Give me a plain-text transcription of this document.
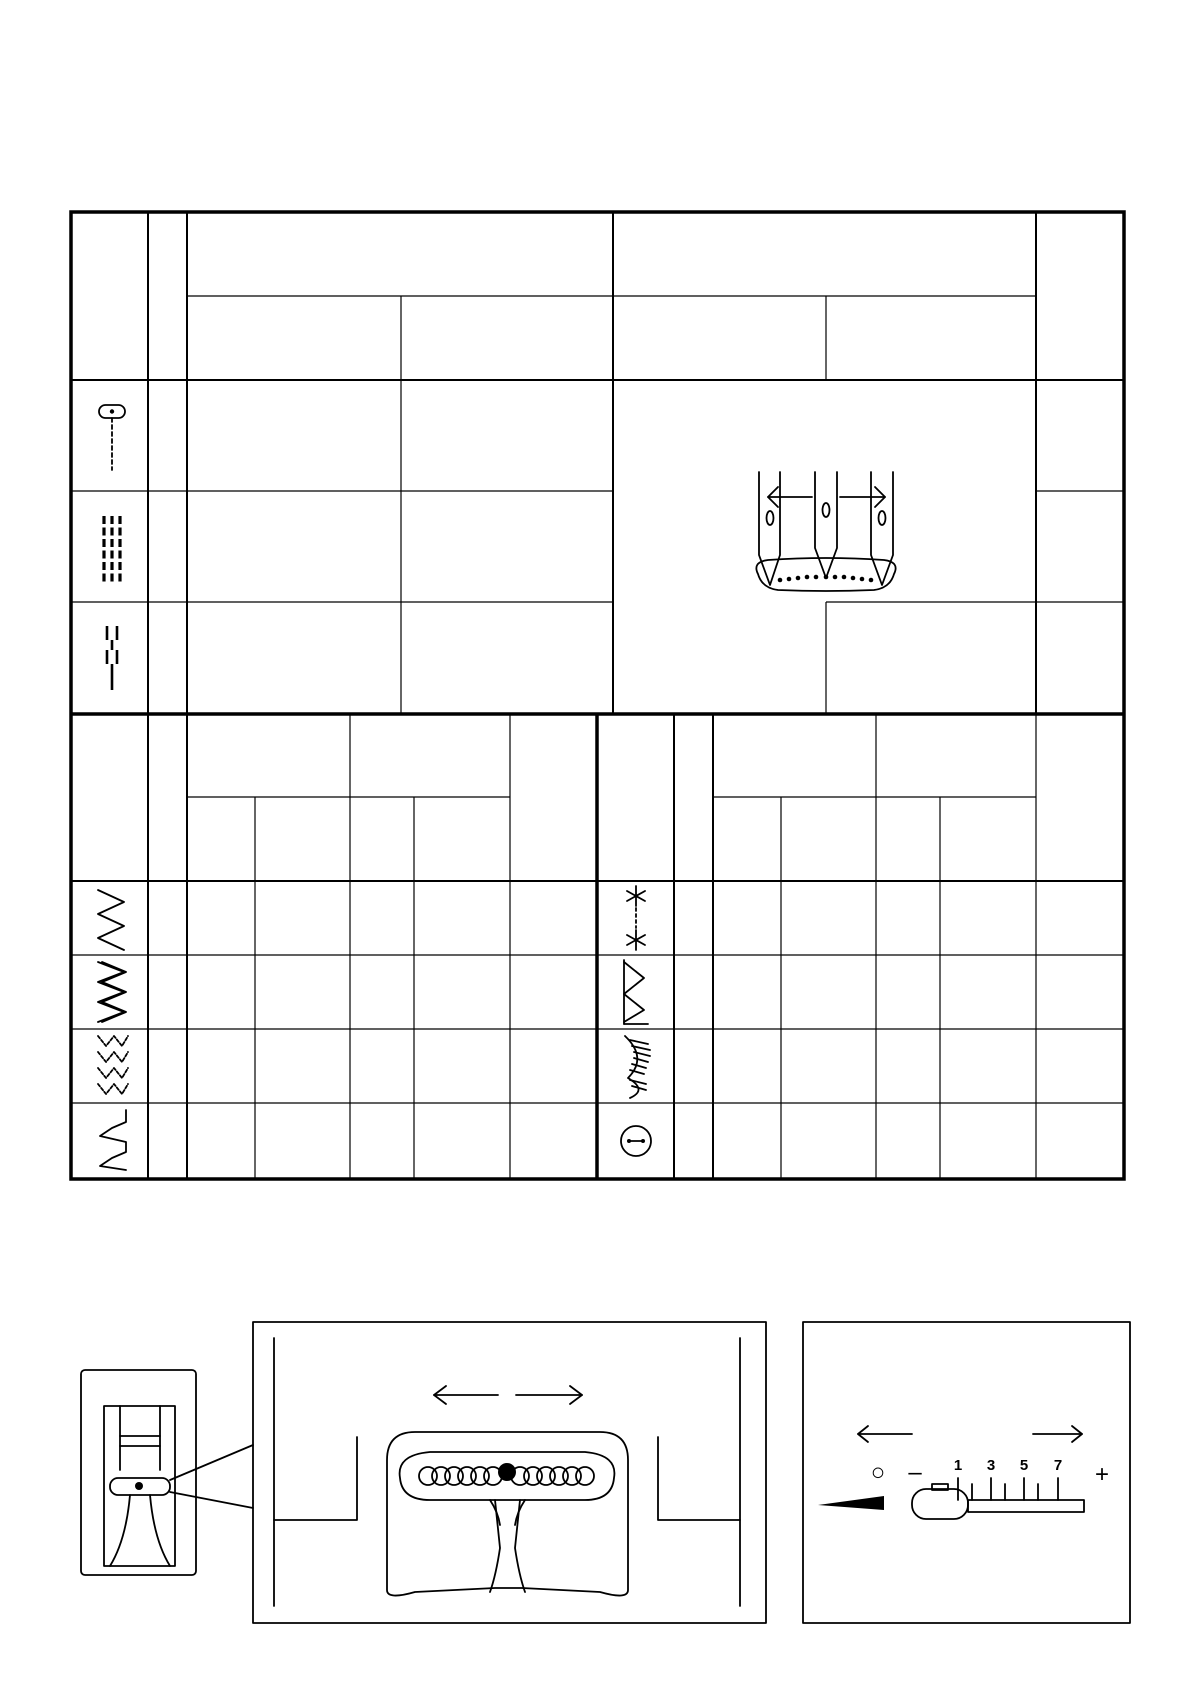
○ –	+
1 3 5 7
